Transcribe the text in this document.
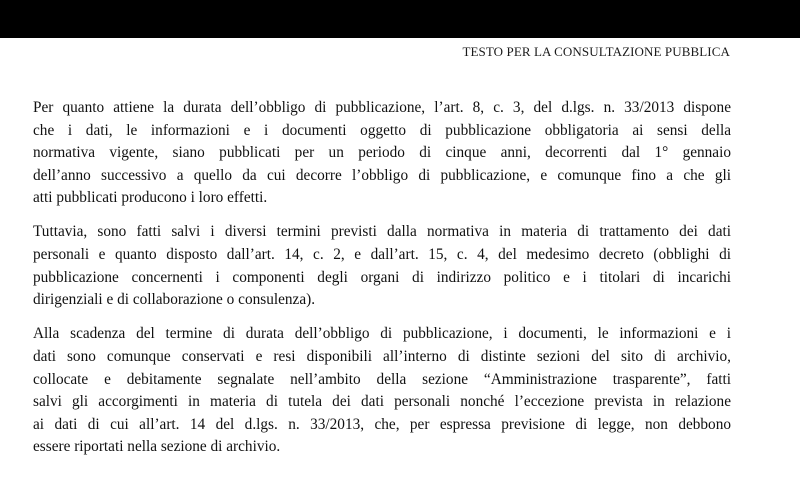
TESTO PER LA CONSULTAZIONE PUBBLICA

Per quanto attiene la durata dell’obbligo di pubblicazione, l’art. 8, c. 3, del d.lgs. n. 33/2013 dispone
che i dati, le informazioni e i documenti oggetto di pubblicazione obbligatoria ai sensi della
normativa vigente, siano pubblicati per un periodo di cinque anni, decorrenti dal 1° gennaio
dell’anno successivo a quello da cui decorre l’obbligo di pubblicazione, e comunque fino a che gli
atti pubblicati producono i loro effetti.

Tuttavia, sono fatti salvi i diversi termini previsti dalla normativa in materia di trattamento dei dati
personali e quanto disposto dall’art. 14, c. 2, e dall’art. 15, c. 4, del medesimo decreto (obblighi di
pubblicazione concernenti i componenti degli organi di indirizzo politico e i titolari di incarichi
dirigenziali e di collaborazione o consulenza).

Alla scadenza del termine di durata dell’obbligo di pubblicazione, i documenti, le informazioni e i
dati sono comunque conservati e resi disponibili all’interno di distinte sezioni del sito di archivio,
collocate e debitamente segnalate nell’ambito della sezione “Amministrazione trasparente”, fatti
salvi gli accorgimenti in materia di tutela dei dati personali nonché l’eccezione prevista in relazione
ai dati di cui all’art. 14 del d.lgs. n. 33/2013, che, per espressa previsione di legge, non debbono
essere riportati nella sezione di archivio.
